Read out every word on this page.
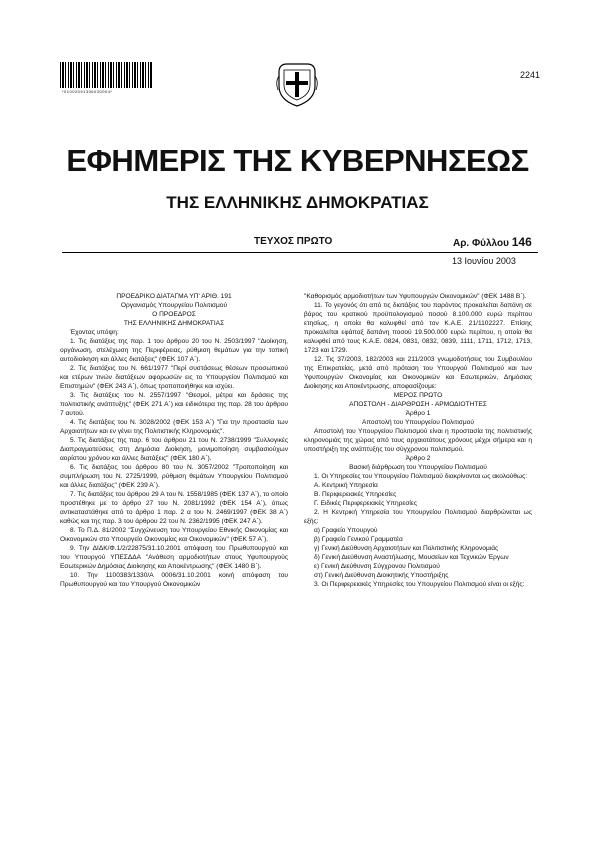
*01002091306030004*
2241
ΕΦΗΜΕΡΙΣ ΤΗΣ ΚΥΒΕΡΝΗΣΕΩΣ
ΤΗΣ ΕΛΛΗΝΙΚΗΣ ΔΗΜΟΚΡΑΤΙΑΣ
ΤΕΥΧΟΣ ΠΡΩΤΟ	Αρ. Φύλλου 146
13 Ιουνίου 2003

ΠΡΟΕΔΡΙΚΟ ΔΙΑΤΑΓΜΑ ΥΠ' ΑΡΙΘ. 191

Οργανισμός Υπουργείου Πολιτισμού

Ο ΠΡΟΕΔΡΟΣ

ΤΗΣ ΕΛΛΗΝΙΚΗΣ ΔΗΜΟΚΡΑΤΙΑΣ

Έχοντας υπόψη:

1. Τις διατάξεις της παρ. 1 του άρθρου 20 του Ν. 2503/1997 "Διοίκηση, οργάνωση, στελέχωση της Περιφέρειας, ρύθμιση θεμάτων για την τοπική αυτοδιοίκηση και άλλες διατάξεις" (ΦΕΚ 107 Α΄).

2. Τις διατάξεις του Ν. 661/1977 "Περί συστάσεως θέσεων προσωπικού και ετέρων τινών διατάξεων αφορωσών εις το Υπουργείον Πολιτισμού και Επιστημών" (ΦΕΚ 243 Α΄), όπως τροποποιήθηκε και ισχύει.

3. Τις διατάξεις του Ν. 2557/1997 "Θεσμοί, μέτρα και δράσεις της πολιτιστικής ανάπτυξης" (ΦΕΚ 271 Α΄) και ειδικότερα της παρ. 28 του άρθρου 7 αυτού.

4. Τις διατάξεις του Ν. 3028/2002 (ΦΕΚ 153 Α΄) "Για την προστασία των Αρχαιοτήτων και εν γένει της Πολιτιστικής Κληρονομιάς".

5. Τις διατάξεις της παρ. 6 του άρθρου 21 του Ν. 2738/1999 "Συλλογικές Διαπραγματεύσεις στη Δημόσια Διοίκηση, μονιμοποίηση συμβασιούχων αορίστου χρόνου και άλλες διατάξεις" (ΦΕΚ 180 Α΄).

6. Τις διατάξεις του άρθρου 80 του Ν. 3057/2002 "Τροποποίηση και συμπλήρωση του Ν. 2725/1999, ρύθμιση θεμάτων Υπουργείου Πολιτισμού και άλλες διατάξεις" (ΦΕΚ 239 Α΄).

7. Τις διατάξεις του άρθρου 29 Α του Ν. 1558/1985 (ΦΕΚ 137 Α΄), το οποίο προστέθηκε με το άρθρο 27 του Ν. 2081/1992 (ΦΕΚ 154 Α΄), όπως αντικαταστάθηκε από το άρθρο 1 παρ. 2 α του Ν. 2469/1997 (ΦΕΚ 38 Α΄) καθώς και της παρ. 3 του άρθρου 22 του Ν. 2362/1995 (ΦΕΚ 247 Α΄).

8. Το Π.Δ. 81/2002 "Συγχώνευση του Υπουργείου Εθνικής Οικονομίας και Οικονομικών στο Υπουργείο Οικονομίας και Οικονομικών" (ΦΕΚ 57 Α΄).

9. Την ΔΙΔΚ/Φ.1/2/22875/31.10.2001 απόφαση του Πρωθυπουργού και του Υπουργού ΥΠΕΣΔΔΑ "Ανάθεση αρμοδιοτήτων στους Υφυπουργούς Εσωτερικών Δημόσιας Διοίκησης και Αποκέντρωσης" (ΦΕΚ 1480 Β΄).

10. Την 1100383/1330/Α 0006/31.10.2001 κοινή απόφαση του Πρωθυπουργού και του Υπουργού Οικονομικών

"Καθορισμός αρμοδιοτήτων των Υφυπουργών Οικονομικών" (ΦΕΚ 1488 Β΄).

11. Το γεγονός ότι από τις διατάξεις του παρόντος προκαλείται δαπάνη σε βάρος του κρατικού προϋπολογισμού ποσού 8.100.000 ευρώ περίπου ετησίως, η οποία θα καλυφθεί από τον Κ.Α.Ε. 21/1102227. Επίσης προκαλείται εφάπαξ δαπάνη ποσού 19.500.000 ευρώ περίπου, η οποία θα καλυφθεί από τους Κ.Α.Ε. 0824, 0831, 0832, 0839, 1111, 1711, 1712, 1713, 1723 και 1729.

12. Τις 37/2003, 182/2003 και 211/2003 γνωμοδοτήσεις του Συμβουλίου της Επικρατείας, μετά από πρόταση του Υπουργού Πολιτισμού και των Υφυπουργών Οικονομίας και Οικονομικών και Εσωτερικών, Δημόσιας Διοίκησης και Αποκέντρωσης, αποφασίζουμε:

ΜΕΡΟΣ ΠΡΩΤΟ

ΑΠΟΣΤΟΛΗ - ΔΙΑΡΘΡΩΣΗ - ΑΡΜΟΔΙΟΤΗΤΕΣ

Άρθρο 1

Αποστολή του Υπουργείου Πολιτισμού

Αποστολή του Υπουργείου Πολιτισμού είναι η προστασία της πολιτιστικής κληρονομιάς της χώρας από τους αρχαιοτάτους χρόνους μέχρι σήμερα και η υποστήριξη της ανάπτυξης του σύγχρονου πολιτισμού.

Άρθρο 2

Βασική διάρθρωση του Υπουργείου Πολιτισμού

1. Οι Υπηρεσίες του Υπουργείου Πολιτισμού διακρίνονται ως ακολούθως:

Α. Κεντρική Υπηρεσία

Β. Περιφερειακές Υπηρεσίες

Γ. Ειδικές Περιφερειακές Υπηρεσίες

2. Η Κεντρική Υπηρεσία του Υπουργείου Πολιτισμού διαρθρώνεται ως εξής:

α) Γραφείο Υπουργού

β) Γραφείο Γενικού Γραμματέα

γ) Γενική Διεύθυνση Αρχαιοτήτων και Πολιτιστικής Κληρονομιάς

δ) Γενική Διεύθυνση Αναστήλωσης, Μουσείων και Τεχνικών Έργων

ε) Γενική Διεύθυνση Σύγχρονου Πολιτισμού

στ) Γενική Διεύθυνση Διοικητικής Υποστήριξης

3. Οι Περιφερειακές Υπηρεσίες του Υπουργείου Πολιτισμού είναι οι εξής:
